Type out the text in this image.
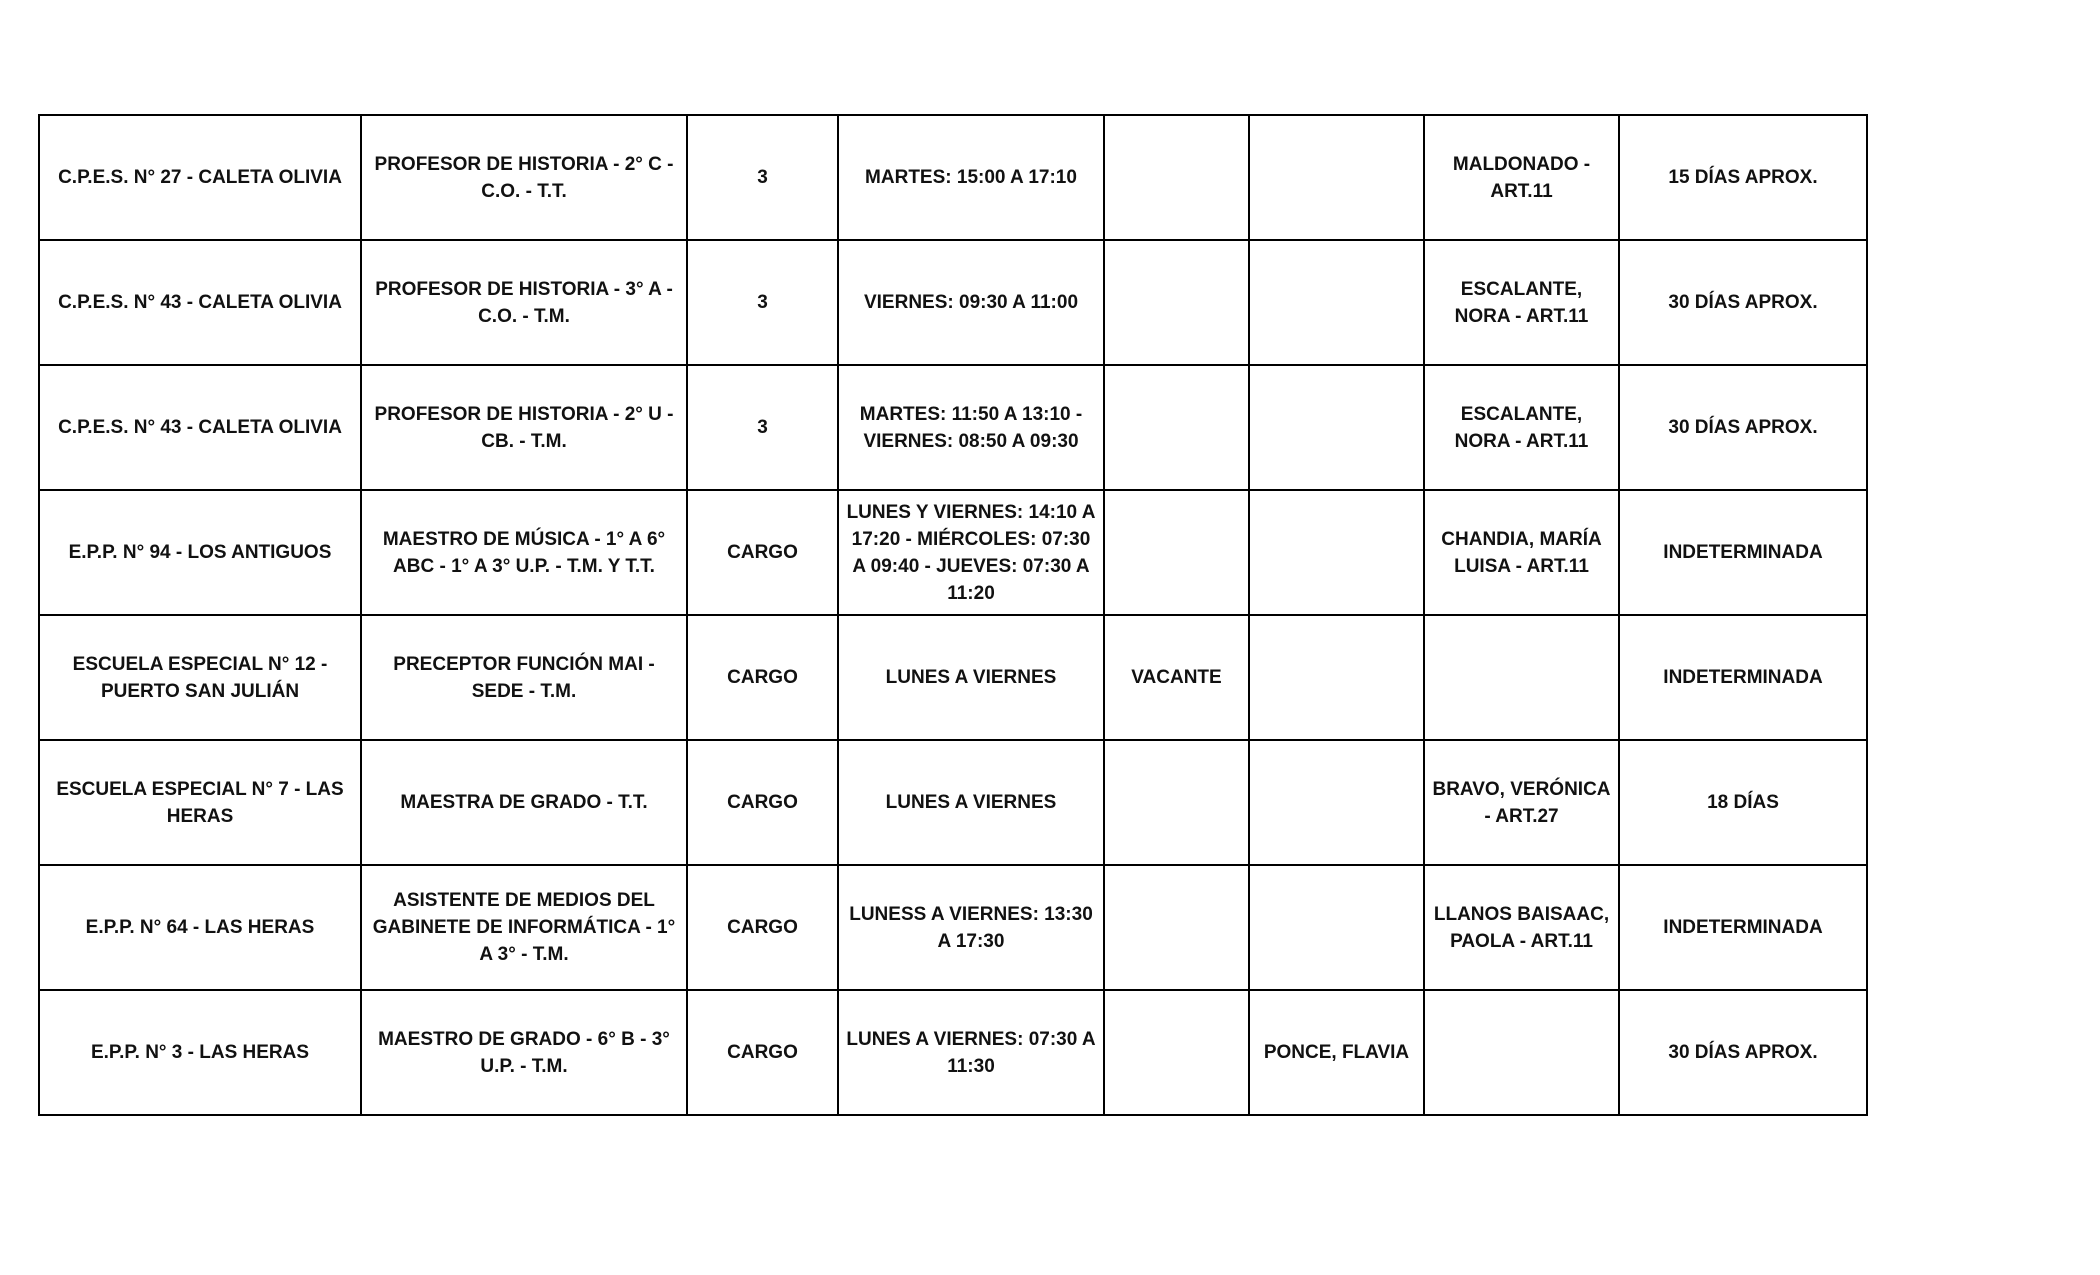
C.P.E.S. N° 27 - CALETA OLIVIA	PROFESOR DE HISTORIA - 2° C - C.O. - T.T.	3	MARTES: 15:00 A 17:10			MALDONADO - ART.11	15 DÍAS APROX.
C.P.E.S. N° 43 - CALETA OLIVIA	PROFESOR DE HISTORIA - 3° A - C.O. - T.M.	3	VIERNES: 09:30 A 11:00			ESCALANTE, NORA - ART.11	30 DÍAS APROX.
C.P.E.S. N° 43 - CALETA OLIVIA	PROFESOR DE HISTORIA - 2° U - CB. - T.M.	3	MARTES: 11:50 A 13:10 - VIERNES: 08:50 A 09:30			ESCALANTE, NORA - ART.11	30 DÍAS APROX.
E.P.P. N° 94 - LOS ANTIGUOS	MAESTRO DE MÚSICA - 1° A 6° ABC - 1° A 3° U.P. - T.M. Y T.T.	CARGO	LUNES Y VIERNES: 14:10 A 17:20 - MIÉRCOLES: 07:30 A 09:40 - JUEVES: 07:30 A 11:20			CHANDIA, MARÍA LUISA - ART.11	INDETERMINADA
ESCUELA ESPECIAL N° 12 - PUERTO SAN JULIÁN	PRECEPTOR FUNCIÓN MAI - SEDE - T.M.	CARGO	LUNES A VIERNES	VACANTE			INDETERMINADA
ESCUELA ESPECIAL N° 7 - LAS HERAS	MAESTRA DE GRADO - T.T.	CARGO	LUNES A VIERNES			BRAVO, VERÓNICA - ART.27	18 DÍAS
E.P.P. N° 64 - LAS HERAS	ASISTENTE DE MEDIOS DEL GABINETE DE INFORMÁTICA - 1° A 3° - T.M.	CARGO	LUNESS A VIERNES: 13:30 A 17:30			LLANOS BAISAAC, PAOLA - ART.11	INDETERMINADA
E.P.P. N° 3 - LAS HERAS	MAESTRO DE GRADO - 6° B - 3° U.P. - T.M.	CARGO	LUNES A VIERNES: 07:30 A 11:30		PONCE, FLAVIA		30 DÍAS APROX.
